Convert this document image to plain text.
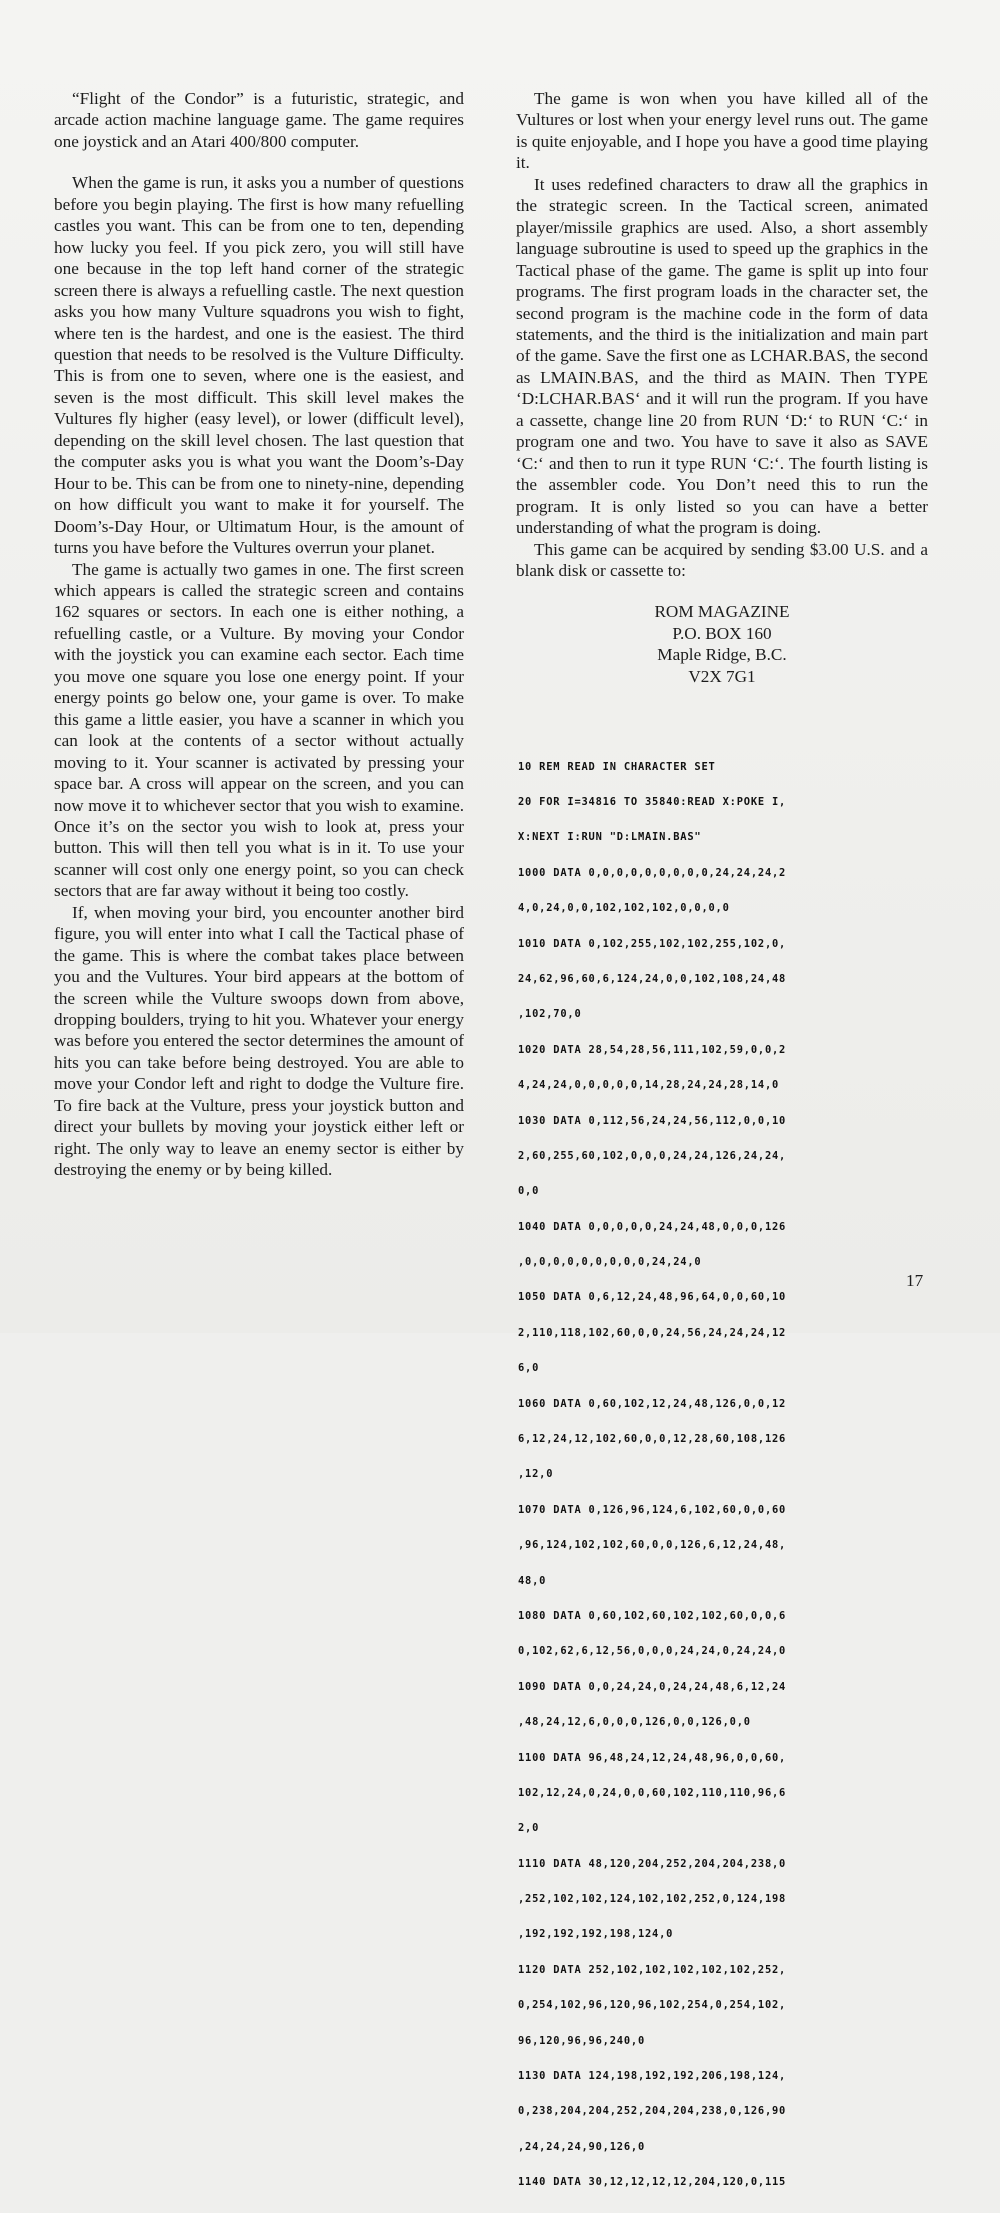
“Flight of the Condor” is a futuristic, strategic, and arcade action machine language game. The game requires one joystick and an Atari 400/800 computer.

When the game is run, it asks you a number of questions before you begin playing. The first is how many refuelling castles you want. This can be from one to ten, depending how lucky you feel. If you pick zero, you will still have one because in the top left hand corner of the strategic screen there is always a refuelling castle. The next question asks you how many Vulture squadrons you wish to fight, where ten is the hardest, and one is the easiest. The third question that needs to be resolved is the Vulture Difficulty. This is from one to seven, where one is the easiest, and seven is the most difficult. This skill level makes the Vultures fly higher (easy level), or lower (difficult level), depending on the skill level chosen. The last question that the computer asks you is what you want the Doom’s-Day Hour to be. This can be from one to ninety-nine, depending on how difficult you want to make it for yourself. The Doom’s-Day Hour, or Ultimatum Hour, is the amount of turns you have before the Vultures overrun your planet.

The game is actually two games in one. The first screen which appears is called the strategic screen and contains 162 squares or sectors. In each one is either nothing, a refuelling castle, or a Vulture. By moving your Condor with the joystick you can examine each sector. Each time you move one square you lose one energy point. If your energy points go below one, your game is over. To make this game a little easier, you have a scanner in which you can look at the contents of a sector without actually moving to it. Your scanner is activated by pressing your space bar. A cross will appear on the screen, and you can now move it to whichever sector that you wish to examine. Once it’s on the sector you wish to look at, press your button. This will then tell you what is in it. To use your scanner will cost only one energy point, so you can check sectors that are far away without it being too costly.

If, when moving your bird, you encounter another bird figure, you will enter into what I call the Tactical phase of the game. This is where the combat takes place between you and the Vultures. Your bird appears at the bottom of the screen while the Vulture swoops down from above, dropping boulders, trying to hit you. Whatever your energy was before you entered the sector determines the amount of hits you can take before being destroyed. You are able to move your Condor left and right to dodge the Vulture fire. To fire back at the Vulture, press your joystick button and direct your bullets by moving your joystick either left or right. The only way to leave an enemy sector is either by destroying the enemy or by being killed.

The game is won when you have killed all of the Vultures or lost when your energy level runs out. The game is quite enjoyable, and I hope you have a good time playing it.

It uses redefined characters to draw all the graphics in the strategic screen. In the Tactical screen, animated player/missile graphics are used. Also, a short assembly language subroutine is used to speed up the graphics in the Tactical phase of the game. The game is split up into four programs. The first program loads in the character set, the second program is the machine code in the form of data statements, and the third is the initialization and main part of the game. Save the first one as LCHAR.BAS, the second as LMAIN.BAS, and the third as MAIN. Then TYPE ‘D:LCHAR.BAS‘ and it will run the program. If you have a cassette, change line 20 from RUN ‘D:‘ to RUN ‘C:‘ in program one and two. You have to save it also as SAVE ‘C:‘ and then to run it type RUN ‘C:‘. The fourth listing is the assembler code. You Don’t need this to run the program. It is only listed so you can have a better understanding of what the program is doing.

This game can be acquired by sending $3.00 U.S. and a blank disk or cassette to:

ROM MAGAZINE
P.O. BOX 160
Maple Ridge, B.C.
V2X 7G1

10 REM READ IN CHARACTER SET

20 FOR I=34816 TO 35840:READ X:POKE I,

X:NEXT I:RUN "D:LMAIN.BAS"

1000 DATA 0,0,0,0,0,0,0,0,0,24,24,24,2

4,0,24,0,0,102,102,102,0,0,0,0

1010 DATA 0,102,255,102,102,255,102,0,

24,62,96,60,6,124,24,0,0,102,108,24,48

,102,70,0

1020 DATA 28,54,28,56,111,102,59,0,0,2

4,24,24,0,0,0,0,0,14,28,24,24,28,14,0

1030 DATA 0,112,56,24,24,56,112,0,0,10

2,60,255,60,102,0,0,0,24,24,126,24,24,

0,0

1040 DATA 0,0,0,0,0,24,24,48,0,0,0,126

,0,0,0,0,0,0,0,0,0,24,24,0

1050 DATA 0,6,12,24,48,96,64,0,0,60,10

2,110,118,102,60,0,0,24,56,24,24,24,12

6,0

1060 DATA 0,60,102,12,24,48,126,0,0,12

6,12,24,12,102,60,0,0,12,28,60,108,126

,12,0

1070 DATA 0,126,96,124,6,102,60,0,0,60

,96,124,102,102,60,0,0,126,6,12,24,48,

48,0

1080 DATA 0,60,102,60,102,102,60,0,0,6

0,102,62,6,12,56,0,0,0,24,24,0,24,24,0

1090 DATA 0,0,24,24,0,24,24,48,6,12,24

,48,24,12,6,0,0,0,126,0,0,126,0,0

1100 DATA 96,48,24,12,24,48,96,0,0,60,

102,12,24,0,24,0,0,60,102,110,110,96,6

2,0

1110 DATA 48,120,204,252,204,204,238,0

,252,102,102,124,102,102,252,0,124,198

,192,192,192,198,124,0

1120 DATA 252,102,102,102,102,102,252,

0,254,102,96,120,96,102,254,0,254,102,

96,120,96,96,240,0

1130 DATA 124,198,192,192,206,198,124,

0,238,204,204,252,204,204,238,0,126,90

,24,24,24,90,126,0

1140 DATA 30,12,12,12,12,204,120,0,115

17
